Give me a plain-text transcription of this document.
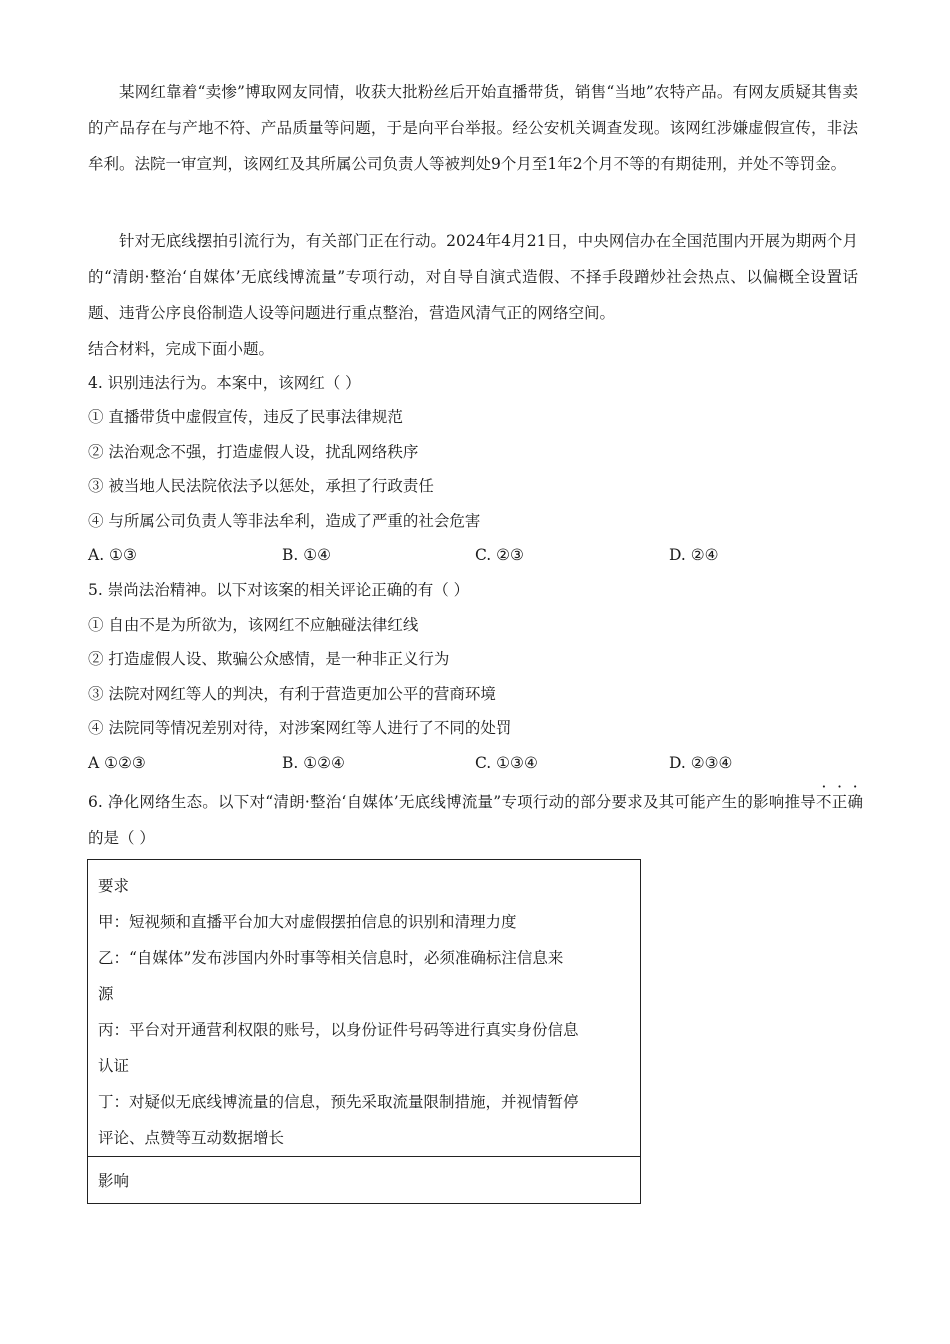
某网红靠着“卖惨”博取网友同情，收获大批粉丝后开始直播带货，销售“当地”农特产品。有网友质疑其售卖的产品存在与产地不符、产品质量等问题，于是向平台举报。经公安机关调查发现。该网红涉嫌虚假宣传，非法牟利。法院一审宣判，该网红及其所属公司负责人等被判处9个月至1年2个月不等的有期徒刑，并处不等罚金。
针对无底线摆拍引流行为，有关部门正在行动。2024年4月21日，中央网信办在全国范围内开展为期两个月的“清朗·整治‘自媒体’无底线博流量”专项行动，对自导自演式造假、不择手段蹭炒社会热点、以偏概全设置话题、违背公序良俗制造人设等问题进行重点整治，营造风清气正的网络空间。
结合材料，完成下面小题。
4. 识别违法行为。本案中，该网红（ ）
① 直播带货中虚假宣传，违反了民事法律规范
② 法治观念不强，打造虚假人设，扰乱网络秩序
③ 被当地人民法院依法予以惩处，承担了行政责任
④ 与所属公司负责人等非法牟利，造成了严重的社会危害
A. ①③	B. ①④	C. ②③	D. ②④
5. 崇尚法治精神。以下对该案的相关评论正确的有（ ）
① 自由不是为所欲为，该网红不应触碰法律红线
② 打造虚假人设、欺骗公众感情，是一种非正义行为
③ 法院对网红等人的判决，有利于营造更加公平的营商环境
④ 法院同等情况差别对待，对涉案网红等人进行了不同的处罚
A ①②③	B. ①②④	C. ①③④	D. ②③④
6. 净化网络生态。以下对“清朗·整治‘自媒体’无底线博流量”专项行动的部分要求及其可能产生的影响推导不正确的是（ ）
要求
甲：短视频和直播平台加大对虚假摆拍信息的识别和清理力度
乙：“自媒体”发布涉国内外时事等相关信息时，必须准确标注信息来
源
丙：平台对开通营利权限的账号，以身份证件号码等进行真实身份信息
认证
丁：对疑似无底线博流量的信息，预先采取流量限制措施，并视情暂停
评论、点赞等互动数据增长
影响
